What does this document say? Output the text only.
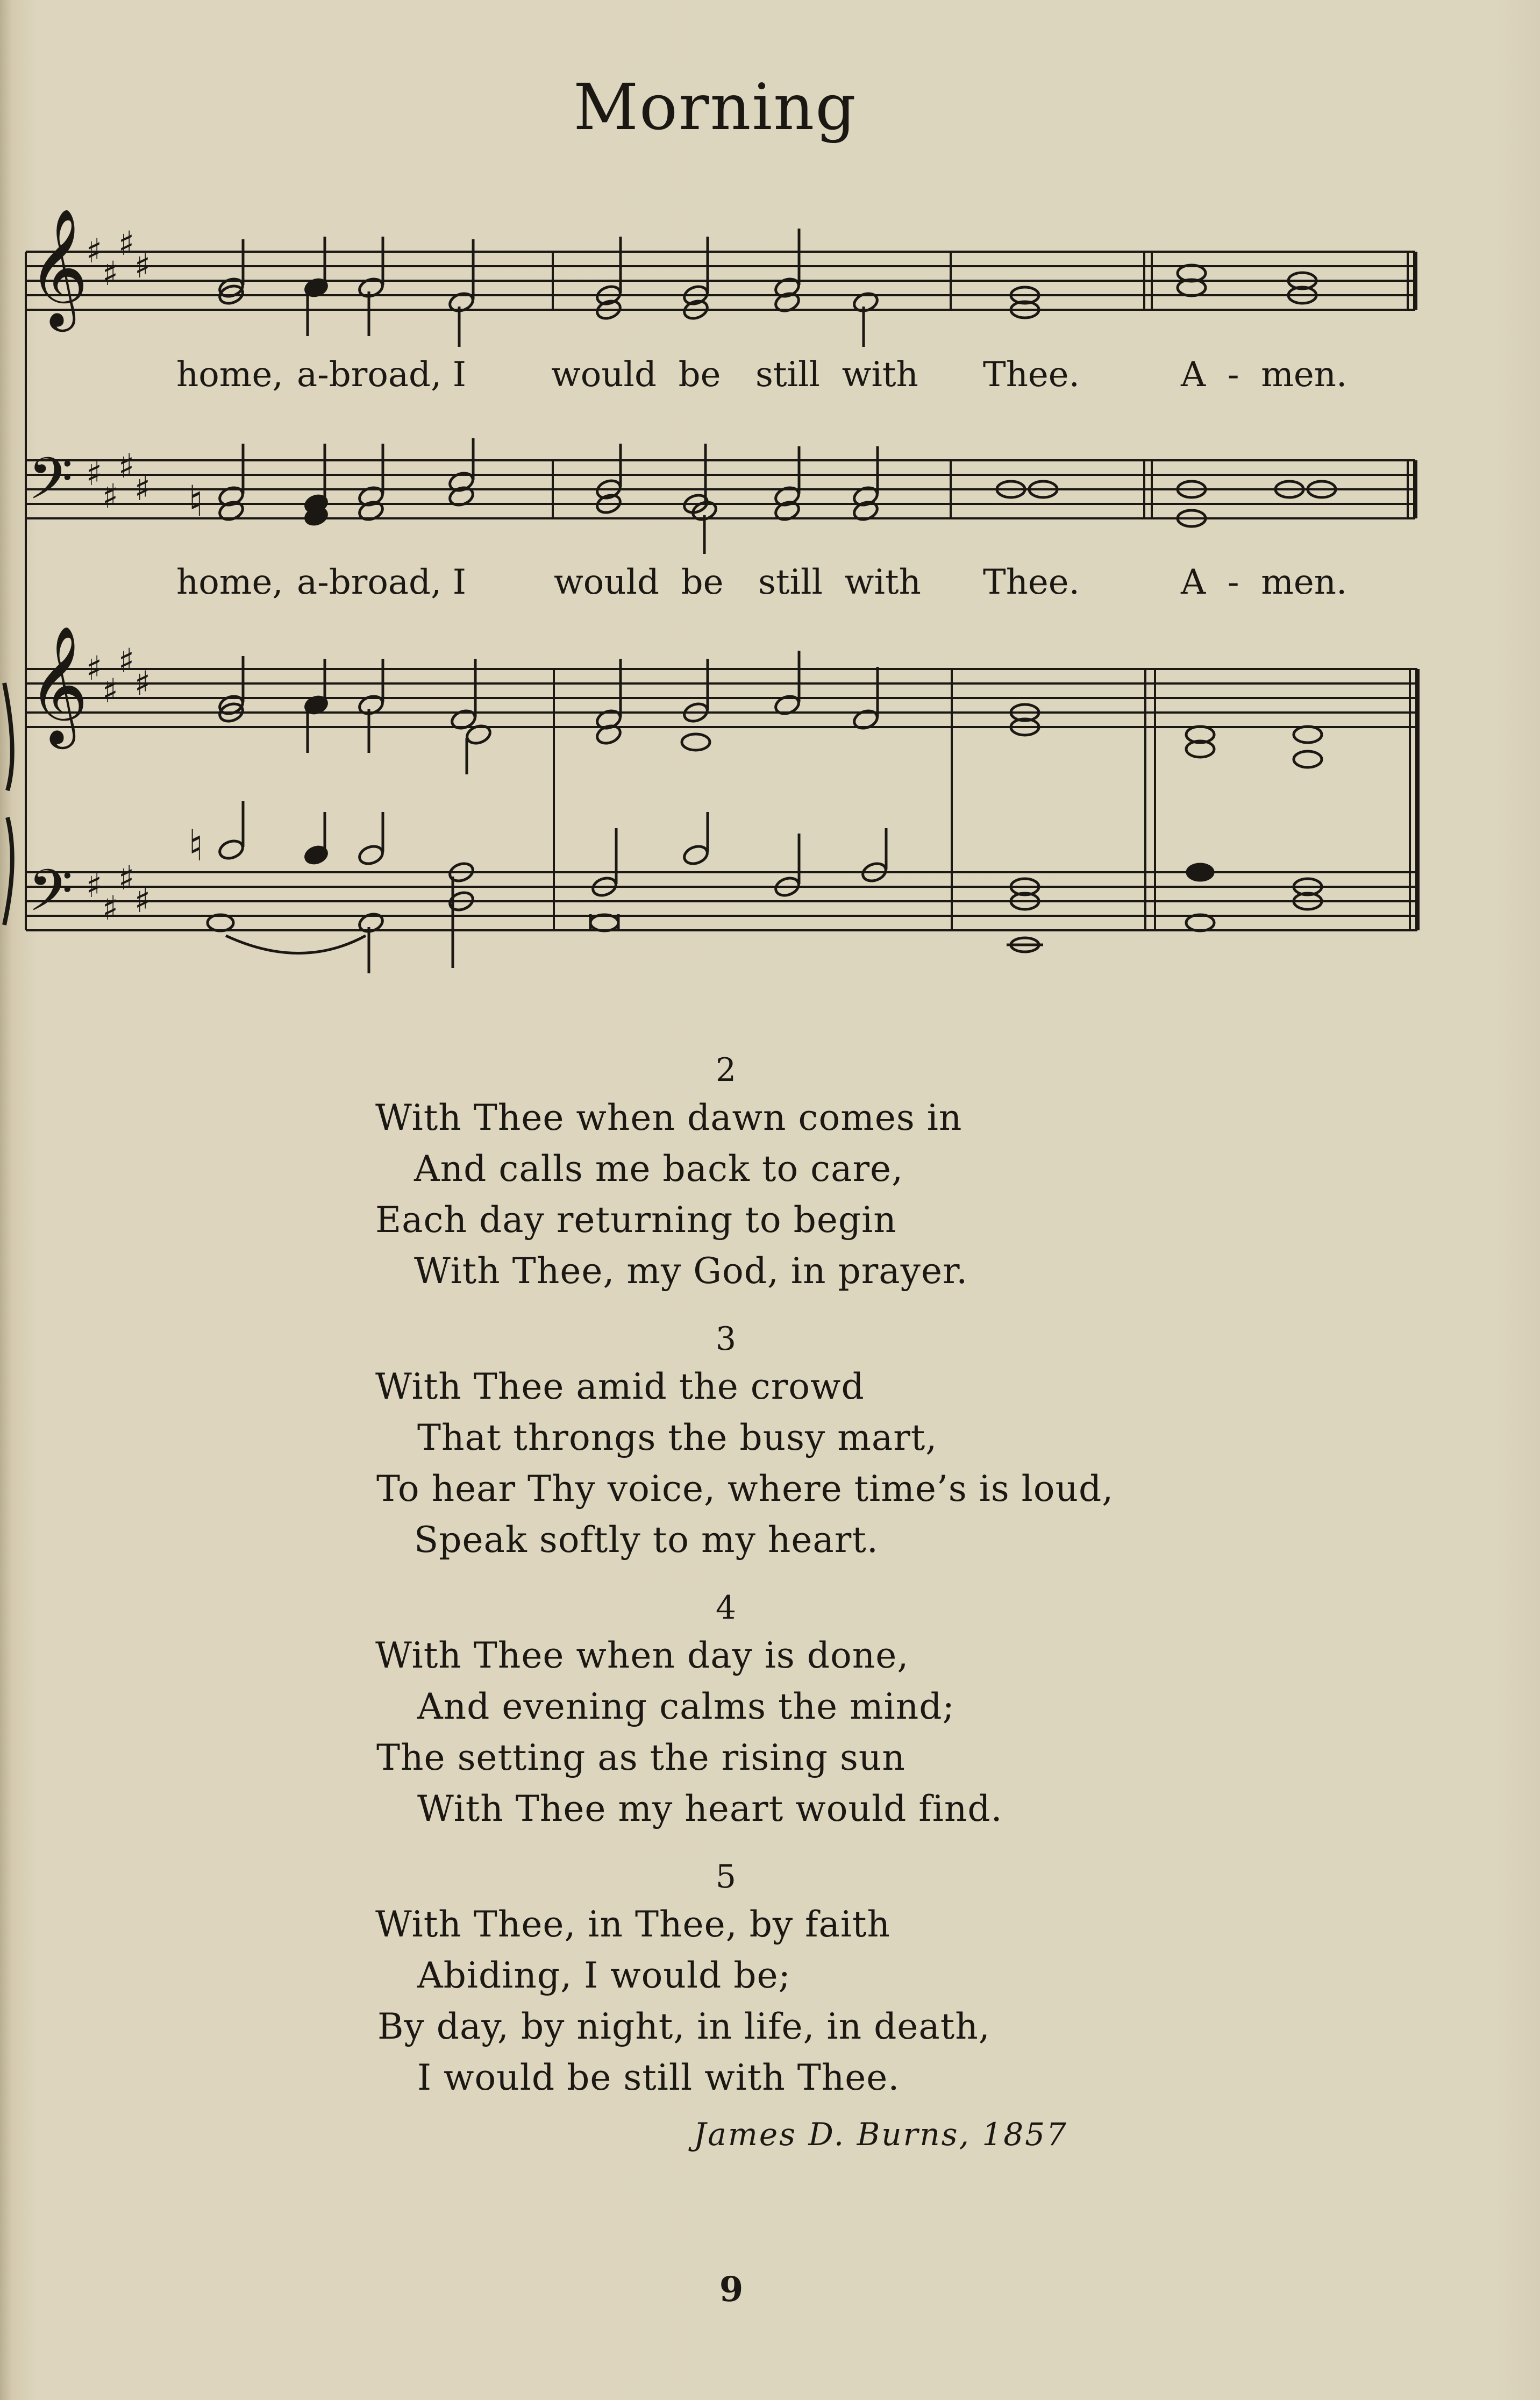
Morning
𝄞
𝄢
𝄞
𝄢
♯
♯
♯
♯
♯
♯
♯
♯
♯
♯
♯
♯
♯
♯
♯
♯
♮
♮
home, a-broad, I would  be still  with Thee.	A  -  men.
home, a-broad, I	would  be still  with Thee.	A  -  men.
2
With Thee when dawn comes in
And calls me back to care,
Each day returning to begin
With Thee, my God, in prayer.
3
With Thee amid the crowd
That throngs the busy mart,
To hear Thy voice, where time’s is loud,
Speak softly to my heart.
4
With Thee when day is done,
And evening calms the mind;
The setting as the rising sun
With Thee my heart would find.
5
With Thee, in Thee, by faith
Abiding, I would be;
By day, by night, in life, in death,
I would be still with Thee.
James D. Burns, 1857
9
